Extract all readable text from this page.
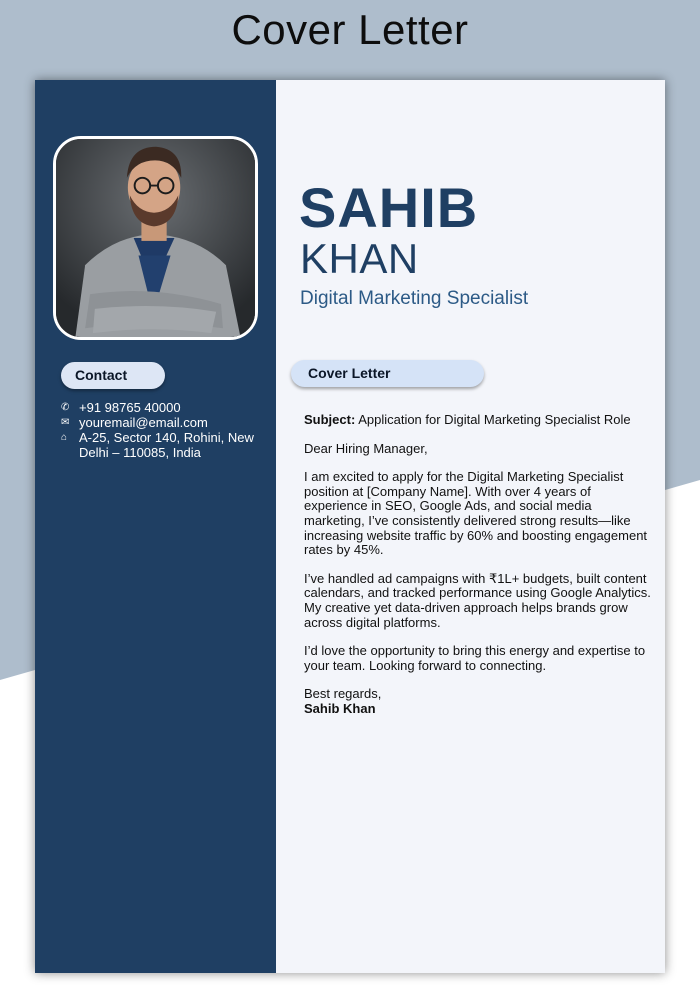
Cover Letter
Contact
✆ +91 98765 40000
✉ youremail@email.com
⌂ A-25, Sector 140, Rohini, New Delhi – 110085, India
SAHIB
KHAN
Digital Marketing Specialist
Cover Letter

Subject: Application for Digital Marketing Specialist Role

Dear Hiring Manager,

I am excited to apply for the Digital Marketing Specialist position at [Company Name]. With over 4 years of experience in SEO, Google Ads, and social media marketing, I’ve consistently delivered strong results—like increasing website traffic by 60% and boosting engagement rates by 45%.

I’ve handled ad campaigns with ₹1L+ budgets, built content calendars, and tracked performance using Google Analytics. My creative yet data-driven approach helps brands grow across digital platforms.

I’d love the opportunity to bring this energy and expertise to your team. Looking forward to connecting.

Best regards,
Sahib Khan
